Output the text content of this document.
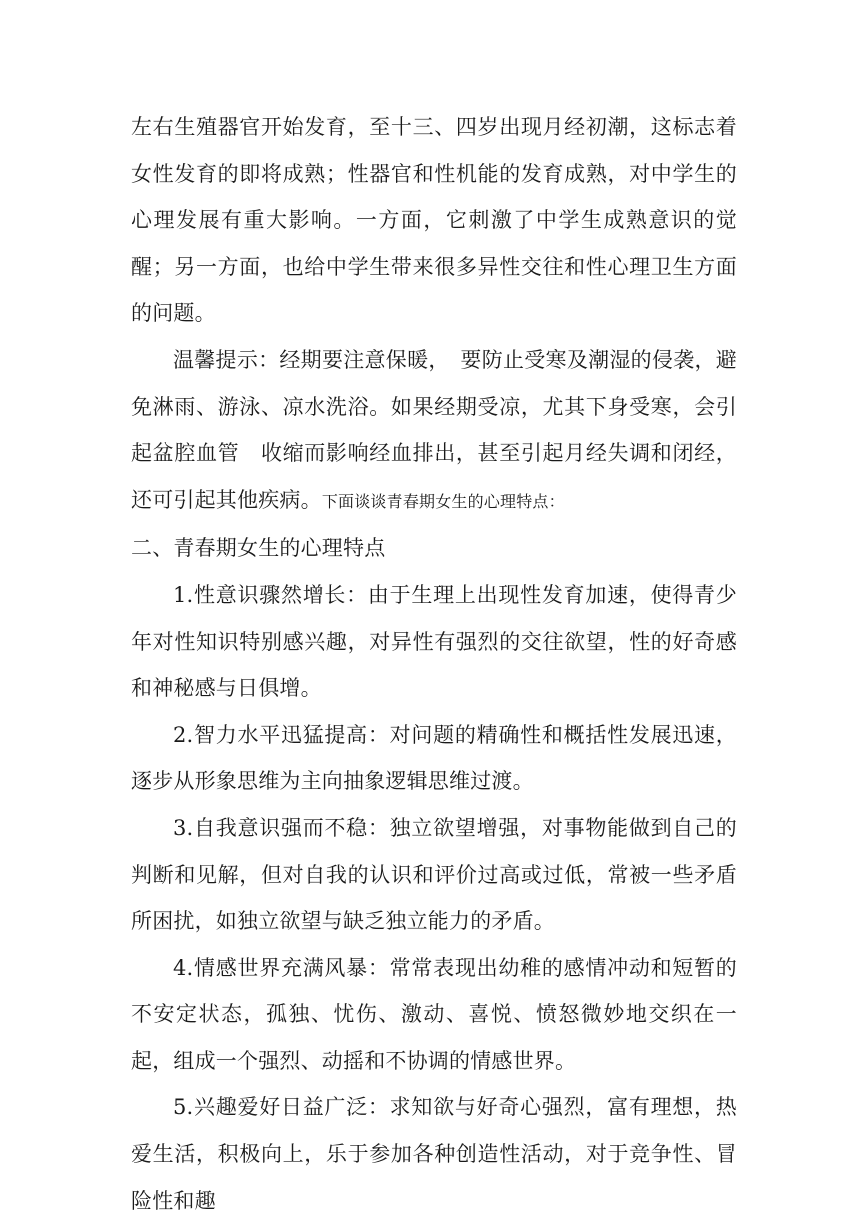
左右生殖器官开始发育，至十三、四岁出现月经初潮，这标志着女性发育的即将成熟；性器官和性机能的发育成熟，对中学生的心理发展有重大影响。一方面，它刺激了中学生成熟意识的觉醒；另一方面，也给中学生带来很多异性交往和性心理卫生方面的问题。

温馨提示：经期要注意保暖，　要防止受寒及潮湿的侵袭，避免淋雨、游泳、凉水洗浴。如果经期受凉，尤其下身受寒，会引起盆腔血管　收缩而影响经血排出，甚至引起月经失调和闭经，还可引起其他疾病。下面谈谈青春期女生的心理特点：

二、青春期女生的心理特点

1.性意识骤然增长：由于生理上出现性发育加速，使得青少年对性知识特别感兴趣，对异性有强烈的交往欲望，性的好奇感和神秘感与日俱增。

2.智力水平迅猛提高：对问题的精确性和概括性发展迅速，逐步从形象思维为主向抽象逻辑思维过渡。

3.自我意识强而不稳：独立欲望增强，对事物能做到自己的判断和见解，但对自我的认识和评价过高或过低，常被一些矛盾所困扰，如独立欲望与缺乏独立能力的矛盾。

4.情感世界充满风暴：常常表现出幼稚的感情冲动和短暂的不安定状态，孤独、忧伤、激动、喜悦、愤怒微妙地交织在一起，组成一个强烈、动摇和不协调的情感世界。

5.兴趣爱好日益广泛：求知欲与好奇心强烈，富有理想，热爱生活，积极向上，乐于参加各种创造性活动，对于竞争性、冒险性和趣
